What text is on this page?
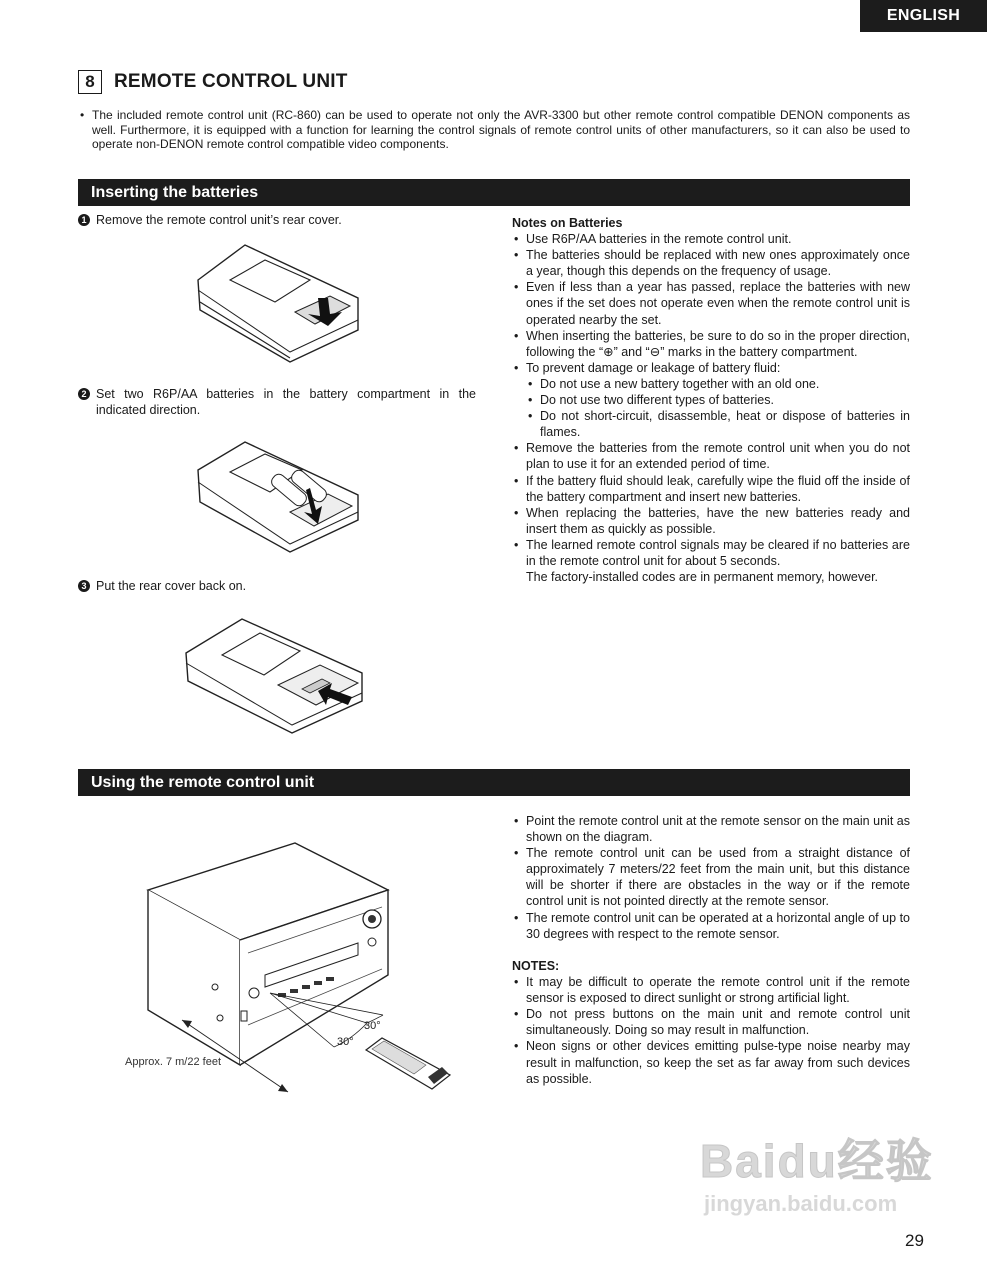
ENGLISH
8	REMOTE CONTROL UNIT
• The included remote control unit (RC-860) can be used to operate not only the AVR-3300 but other remote control compatible DENON components as well. Furthermore, it is equipped with a function for learning the control signals of remote control units of other manufacturers, so it can also be used to operate non-DENON remote control compatible video components.
Inserting the batteries
1 Remove the remote control unit’s rear cover.
2 Set two R6P/AA batteries in the battery compartment in the indicated direction.
3 Put the rear cover back on.
Notes on Batteries
• Use R6P/AA batteries in the remote control unit.
• The batteries should be replaced with new ones approximately once a year, though this depends on the frequency of usage.
• Even if less than a year has passed, replace the batteries with new ones if the set does not operate even when the remote control unit is operated nearby the set.
• When inserting the batteries, be sure to do so in the proper direction, following the “⊕” and “⊖” marks in the battery compartment.
• To prevent damage or leakage of battery fluid:
• Do not use a new battery together with an old one.
• Do not use two different types of batteries.
• Do not short-circuit, disassemble, heat or dispose of batteries in flames.
• Remove the batteries from the remote control unit when you do not plan to use it for an extended period of time.
• If the battery fluid should leak, carefully wipe the fluid off the inside of the battery compartment and insert new batteries.
• When replacing the batteries, have the new batteries ready and insert them as quickly as possible.
• The learned remote control signals may be cleared if no batteries are in the remote control unit for about 5 seconds.
The factory-installed codes are in permanent memory, however.
Using the remote control unit
30°
30°
Approx. 7 m/22 feet
• Point the remote control unit at the remote sensor on the main unit as shown on the diagram.
• The remote control unit can be used from a straight distance of approximately 7 meters/22 feet from the main unit, but this distance will be shorter if there are obstacles in the way or if the remote control unit is not pointed directly at the remote sensor.
• The remote control unit can be operated at a horizontal angle of up to 30 degrees with respect to the remote sensor.
NOTES:
• It may be difficult to operate the remote control unit if the remote sensor is exposed to direct sunlight or strong artificial light.
• Do not press buttons on the main unit and remote control unit simultaneously. Doing so may result in malfunction.
• Neon signs or other devices emitting pulse-type noise nearby may result in malfunction, so keep the set as far away from such devices as possible.
Baidu经验
jingyan.baidu.com
29
